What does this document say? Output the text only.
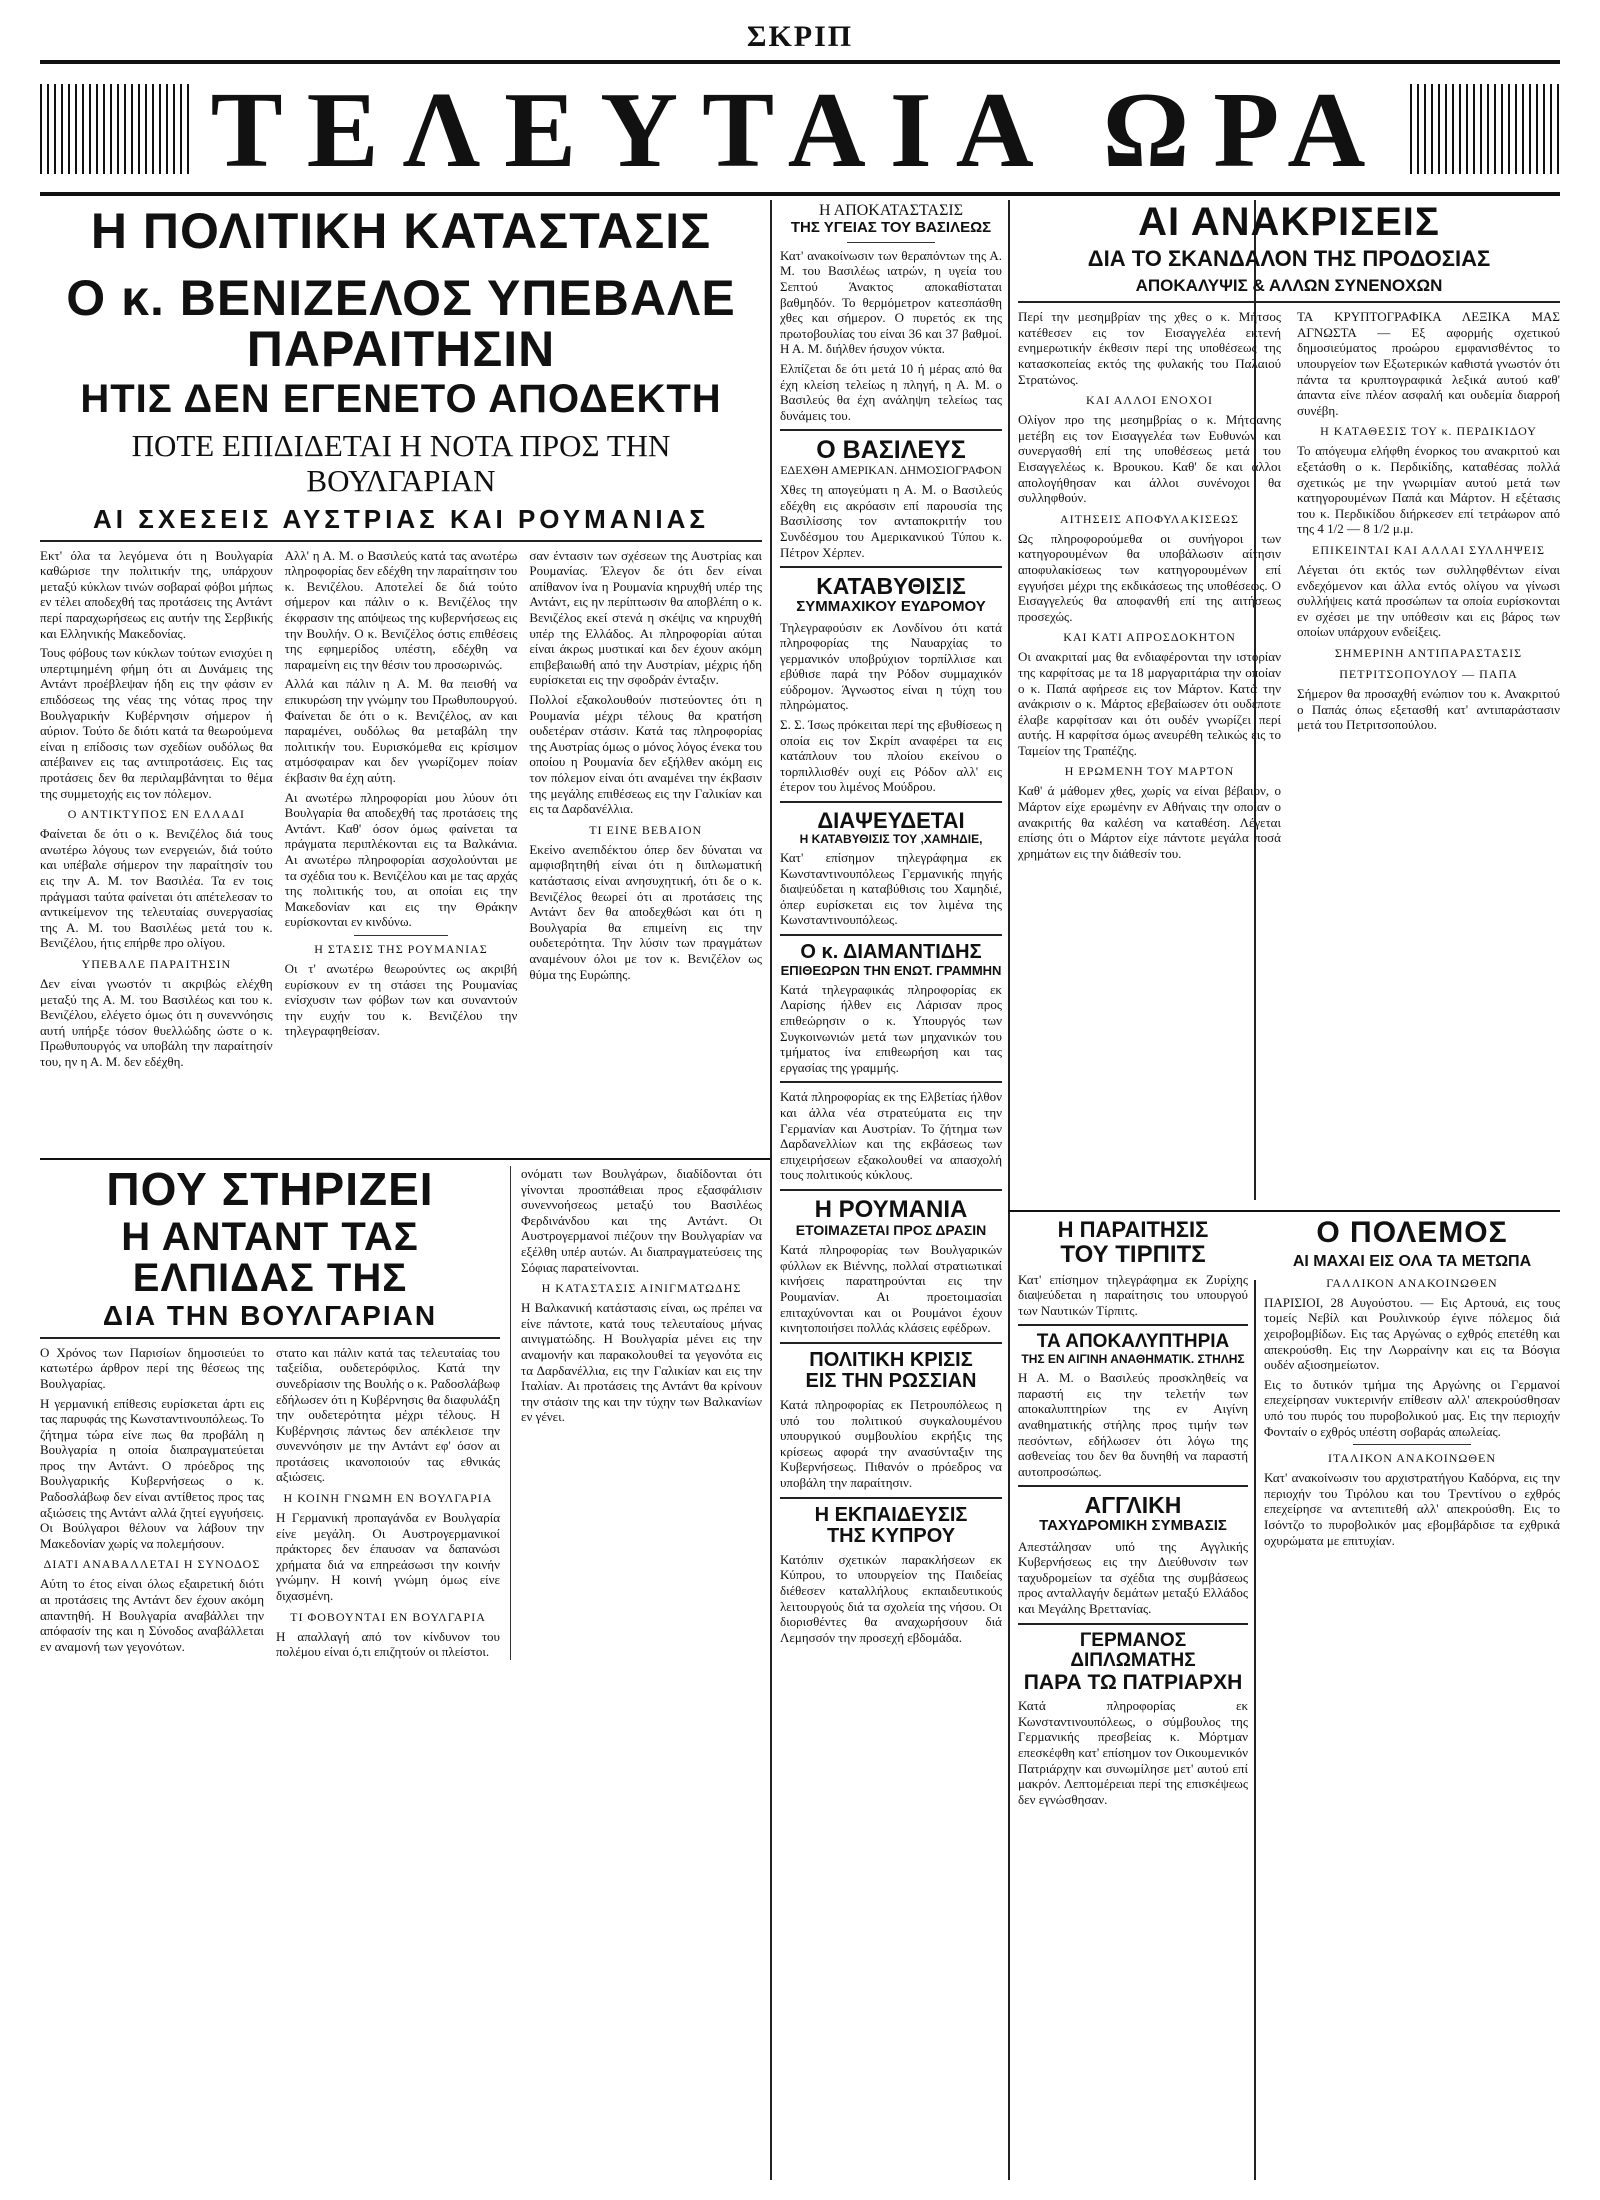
ΣΚΡΙΠ
ΤΕΛΕΥΤΑΙΑ ΩΡΑ
Η ΠΟΛΙΤΙΚΗ ΚΑΤΑΣΤΑΣΙΣ
Ο κ. ΒΕΝΙΖΕΛΟΣ ΥΠΕΒΑΛΕ ΠΑΡΑΙΤΗΣΙΝ
ΗΤΙΣ ΔΕΝ ΕΓΕΝΕΤΟ ΑΠΟΔΕΚΤΗ
ΠΟΤΕ ΕΠΙΔΙΔΕΤΑΙ Η ΝΟΤΑ ΠΡΟΣ ΤΗΝ ΒΟΥΛΓΑΡΙΑΝ
ΑΙ ΣΧΕΣΕΙΣ ΑΥΣΤΡΙΑΣ ΚΑΙ ΡΟΥΜΑΝΙΑΣ

Εκτ' όλα τα λεγόμενα ότι η Βουλγαρία καθώρισε την πολιτικήν της, υπάρχουν μεταξύ κύκλων τινών σοβαραί φόβοι μήπως εν τέλει αποδεχθή τας προτάσεις της Αντάντ περί παραχωρήσεως εις αυτήν της Σερβικής και Ελληνικής Μακεδονίας.

Τους φόβους των κύκλων τούτων ενισχύει η υπερτιμημένη φήμη ότι αι Δυνάμεις της Αντάντ προέβλεψαν ήδη εις την φάσιν εν επιδόσεως της νέας της νότας προς την Βουλγαρικήν Κυβέρνησιν σήμερον ή αύριον. Τούτο δε διότι κατά τα θεωρούμενα είναι η επίδοσις των σχεδίων ουδόλως θα απέβαινεν εις τας αντιπροτάσεις. Εις τας προτάσεις δεν θα περιλαμβάνηται το θέμα της συμμετοχής εις τον πόλεμον.

Ο ΑΝΤΙΚΤΥΠΟΣ ΕΝ ΕΛΛΑΔΙ

Φαίνεται δε ότι ο κ. Βενιζέλος διά τους ανωτέρω λόγους των ενεργειών, διά τούτο και υπέβαλε σήμερον την παραίτησίν του εις την Α. Μ. τον Βασιλέα. Τα εν τοις πράγμασι ταύτα φαίνεται ότι απέτελεσαν το αντικείμενον της τελευταίας συνεργασίας της Α. Μ. του Βασιλέως μετά του κ. Βενιζέλου, ήτις επήρθε προ ολίγου.

ΥΠΕΒΑΛΕ ΠΑΡΑΙΤΗΣΙΝ

Δεν είναι γνωστόν τι ακριβώς ελέχθη μεταξύ της Α. Μ. του Βασιλέως και του κ. Βενιζέλου, ελέγετο όμως ότι η συνεννόησις αυτή υπήρξε τόσον θυελλώδης ώστε ο κ. Πρωθυπουργός να υποβάλη την παραίτησίν του, ην η Α. Μ. δεν εδέχθη.

Αλλ' η Α. Μ. ο Βασιλεύς κατά τας ανωτέρω πληροφορίας δεν εδέχθη την παραίτησιν του κ. Βενιζέλου. Αποτελεί δε διά τούτο σήμερον και πάλιν ο κ. Βενιζέλος την έκφρασιν της απόψεως της κυβερνήσεως εις την Βουλήν. Ο κ. Βενιζέλος όστις επιθέσεις της εφημερίδος υπέστη, εδέχθη να παραμείνη εις την θέσιν του προσωρινώς.

Αλλά και πάλιν η Α. Μ. θα πεισθή να επικυρώση την γνώμην του Πρωθυπουργού. Φαίνεται δε ότι ο κ. Βενιζέλος, αν και παραμένει, ουδόλως θα μεταβάλη την πολιτικήν του. Ευρισκόμεθα εις κρίσιμον ατμόσφαιραν και δεν γνωρίζομεν ποίαν έκβασιν θα έχη αύτη.

Αι ανωτέρω πληροφορίαι μου λύουν ότι Βουλγαρία θα αποδεχθή τας προτάσεις της Αντάντ. Καθ' όσον όμως φαίνεται τα πράγματα περιπλέκονται εις τα Βαλκάνια. Αι ανωτέρω πληροφορίαι ασχολούνται με τα σχέδια του κ. Βενιζέλου και με τας αρχάς της πολιτικής του, αι οποίαι εις την Μακεδονίαν και εις την Θράκην ευρίσκονται εν κινδύνω.

Η ΣΤΑΣΙΣ ΤΗΣ ΡΟΥΜΑΝΙΑΣ

Οι τ' ανωτέρω θεωρούντες ως ακριβή ευρίσκουν εν τη στάσει της Ρουμανίας ενίσχυσιν των φόβων των και συναντούν την ευχήν του κ. Βενιζέλου την τηλεγραφηθείσαν.

σαν έντασιν των σχέσεων της Αυστρίας και Ρουμανίας. Έλεγον δε ότι δεν είναι απίθανον ίνα η Ρουμανία κηρυχθή υπέρ της Αντάντ, εις ην περίπτωσιν θα αποβλέπη ο κ. Βενιζέλος εκεί στενά η σκέψις να κηρυχθή υπέρ της Ελλάδος. Αι πληροφορίαι αύται είναι άκρως μυστικαί και δεν έχουν ακόμη επιβεβαιωθή από την Αυστρίαν, μέχρις ήδη ευρίσκεται εις την σφοδράν ένταξιν.

Πολλοί εξακολουθούν πιστεύοντες ότι η Ρουμανία μέχρι τέλους θα κρατήση ουδετέραν στάσιν. Κατά τας πληροφορίας της Αυστρίας όμως ο μόνος λόγος ένεκα του οποίου η Ρουμανία δεν εξήλθεν ακόμη εις τον πόλεμον είναι ότι αναμένει την έκβασιν της μεγάλης επιθέσεως εις την Γαλικίαν και εις τα Δαρδανέλλια.

ΤΙ ΕΙΝΕ ΒΕΒΑΙΟΝ

Εκείνο ανεπιδέκτου όπερ δεν δύναται να αμφισβητηθή είναι ότι η διπλωματική κατάστασις είναι ανησυχητική, ότι δε ο κ. Βενιζέλος θεωρεί ότι αι προτάσεις της Αντάντ δεν θα αποδεχθώσι και ότι η Βουλγαρία θα επιμείνη εις την ουδετερότητα. Την λύσιν των πραγμάτων αναμένουν όλοι με τον κ. Βενιζέλον ως θύμα της Ευρώπης.

ΠΟΥ ΣΤΗΡΙΖΕΙ
Η ΑΝΤΑΝΤ ΤΑΣ ΕΛΠΙΔΑΣ ΤΗΣ
ΔΙΑ ΤΗΝ ΒΟΥΛΓΑΡΙΑΝ

Ο Χρόνος των Παρισίων δημοσιεύει το κατωτέρω άρθρον περί της θέσεως της Βουλγαρίας.

Η γερμανική επίθεσις ευρίσκεται άρτι εις τας παρυφάς της Κωνσταντινουπόλεως. Το ζήτημα τώρα είνε πως θα προβάλη η Βουλγαρία η οποία διαπραγματεύεται προς την Αντάντ. Ο πρόεδρος της Βουλγαρικής Κυβερνήσεως ο κ. Ραδοσλάβωφ δεν είναι αντίθετος προς τας αξιώσεις της Αντάντ αλλά ζητεί εγγυήσεις. Οι Βούλγαροι θέλουν να λάβουν την Μακεδονίαν χωρίς να πολεμήσουν.

ΔΙΑΤΙ ΑΝΑΒΑΛΛΕΤΑΙ Η ΣΥΝΟΔΟΣ

Αύτη το έτος είναι όλως εξαιρετική διότι αι προτάσεις της Αντάντ δεν έχουν ακόμη απαντηθή. Η Βουλγαρία αναβάλλει την απόφασίν της και η Σύνοδος αναβάλλεται εν αναμονή των γεγονότων.

στατο και πάλιν κατά τας τελευταίας του ταξείδια, ουδετερόφιλος. Κατά την συνεδρίασιν της Βουλής ο κ. Ραδοσλάβωφ εδήλωσεν ότι η Κυβέρνησις θα διαφυλάξη την ουδετερότητα μέχρι τέλους. Η Κυβέρνησις πάντως δεν απέκλεισε την συνεννόησιν με την Αντάντ εφ' όσον αι προτάσεις ικανοποιούν τας εθνικάς αξιώσεις.

Η ΚΟΙΝΗ ΓΝΩΜΗ ΕΝ ΒΟΥΛΓΑΡΙΑ

Η Γερμανική προπαγάνδα εν Βουλγαρία είνε μεγάλη. Οι Αυστρογερμανικοί πράκτορες δεν έπαυσαν να δαπανώσι χρήματα διά να επηρεάσωσι την κοινήν γνώμην. Η κοινή γνώμη όμως είνε διχασμένη.

ΤΙ ΦΟΒΟΥΝΤΑΙ ΕΝ ΒΟΥΛΓΑΡΙΑ

Η απαλλαγή από τον κίνδυνον του πολέμου είναι ό,τι επιζητούν οι πλείστοι.

ονόματι των Βουλγάρων, διαδίδονται ότι γίνονται προσπάθειαι προς εξασφάλισιν συνεννοήσεως μεταξύ του Βασιλέως Φερδινάνδου και της Αντάντ. Οι Αυστρογερμανοί πιέζουν την Βουλγαρίαν να εξέλθη υπέρ αυτών. Αι διαπραγματεύσεις της Σόφιας παρατείνονται.

Η ΚΑΤΑΣΤΑΣΙΣ ΑΙΝΙΓΜΑΤΩΔΗΣ

Η Βαλκανική κατάστασις είναι, ως πρέπει να είνε πάντοτε, κατά τους τελευταίους μήνας αινιγματώδης. Η Βουλγαρία μένει εις την αναμονήν και παρακολουθεί τα γεγονότα εις τα Δαρδανέλλια, εις την Γαλικίαν και εις την Ιταλίαν. Αι προτάσεις της Αντάντ θα κρίνουν την στάσιν της και την τύχην των Βαλκανίων εν γένει.

Η ΑΠΟΚΑΤΑΣΤΑΣΙΣ
ΤΗΣ ΥΓΕΙΑΣ ΤΟΥ ΒΑΣΙΛΕΩΣ

Κατ' ανακοίνωσιν των θεραπόντων της Α. Μ. του Βασιλέως ιατρών, η υγεία του Σεπτού Άνακτος αποκαθίσταται βαθμηδόν. Το θερμόμετρον κατεσπάσθη χθες και σήμερον. Ο πυρετός εκ της πρωτοβουλίας του είναι 36 και 37 βαθμοί. Η Α. Μ. διήλθεν ήσυχον νύκτα.

Ελπίζεται δε ότι μετά 10 ή μέρας από θα έχη κλείση τελείως η πληγή, η Α. Μ. ο Βασιλεύς θα έχη ανάληψη τελείως τας δυνάμεις του.

Ο ΒΑΣΙΛΕΥΣ
ΕΔΕΧΘΗ ΑΜΕΡΙΚΑΝ. ΔΗΜΟΣΙΟΓΡΑΦΟΝ

Χθες τη απογεύματι η Α. Μ. ο Βασιλεύς εδέχθη εις ακρόασιν επί παρουσία της Βασιλίσσης τον ανταποκριτήν του Συνδέσμου του Αμερικανικού Τύπου κ. Πέτρον Χέρπεν.

ΚΑΤΑΒΥΘΙΣΙΣ
ΣΥΜΜΑΧΙΚΟΥ ΕΥΔΡΟΜΟΥ

Τηλεγραφούσιν εκ Λονδίνου ότι κατά πληροφορίας της Ναυαρχίας το γερμανικόν υποβρύχιον τορπίλλισε και εβύθισε παρά την Ρόδον συμμαχικόν εύδρομον. Άγνωστος είναι η τύχη του πληρώματος.

Σ. Σ. Ίσως πρόκειται περί της εβυθίσεως η οποία εις τον Σκρίπ αναφέρει τα εις κατάπλουν του πλοίου εκείνου ο τορπιλλισθέν ουχί εις Ρόδον αλλ' εις έτερον του λιμένος Μούδρου.

ΔΙΑΨΕΥΔΕΤΑΙ
Η ΚΑΤΑΒΥΘΙΣΙΣ ΤΟΥ ,ΧΑΜΗΔΙΕ,

Κατ' επίσημον τηλεγράφημα εκ Κωνσταντινουπόλεως Γερμανικής πηγής διαψεύδεται η καταβύθισις του Χαμηδιέ, όπερ ευρίσκεται εις τον λιμένα της Κωνσταντινουπόλεως.

Ο κ. ΔΙΑΜΑΝΤΙΔΗΣ
ΕΠΙΘΕΩΡΩΝ ΤΗΝ ΕΝΩΤ. ΓΡΑΜΜΗΝ

Κατά τηλεγραφικάς πληροφορίας εκ Λαρίσης ήλθεν εις Λάρισαν προς επιθεώρησιν ο κ. Υπουργός των Συγκοινωνιών μετά των μηχανικών του τμήματος ίνα επιθεωρήση και τας εργασίας της γραμμής.

Κατά πληροφορίας εκ της Ελβετίας ήλθον και άλλα νέα στρατεύματα εις την Γερμανίαν και Αυστρίαν. Το ζήτημα των Δαρδανελλίων και της εκβάσεως των επιχειρήσεων εξακολουθεί να απασχολή τους πολιτικούς κύκλους.

Η ΡΟΥΜΑΝΙΑ
ΕΤΟΙΜΑΖΕΤΑΙ ΠΡΟΣ ΔΡΑΣΙΝ

Κατά πληροφορίας των Βουλγαρικών φύλλων εκ Βιέννης, πολλαί στρατιωτικαί κινήσεις παρατηρούνται εις την Ρουμανίαν. Αι προετοιμασίαι επιταχύνονται και οι Ρουμάνοι έχουν κινητοποιήσει πολλάς κλάσεις εφέδρων.

ΠΟΛΙΤΙΚΗ ΚΡΙΣΙΣ
ΕΙΣ ΤΗΝ ΡΩΣΣΙΑΝ

Κατά πληροφορίας εκ Πετρουπόλεως η υπό του πολιτικού συγκαλουμένου υπουργικού συμβουλίου εκρήξις της κρίσεως αφορά την ανασύνταξιν της Κυβερνήσεως. Πιθανόν ο πρόεδρος να υποβάλη την παραίτησιν.

Η ΕΚΠΑΙΔΕΥΣΙΣ
ΤΗΣ ΚΥΠΡΟΥ

Κατόπιν σχετικών παρακλήσεων εκ Κύπρου, το υπουργείον της Παιδείας διέθεσεν καταλλήλους εκπαιδευτικούς λειτουργούς διά τα σχολεία της νήσου. Οι διορισθέντες θα αναχωρήσουν διά Λεμησσόν την προσεχή εβδομάδα.

ΑΙ ΑΝΑΚΡΙΣΕΙΣ
ΔΙΑ ΤΟ ΣΚΑΝΔΑΛΟΝ ΤΗΣ ΠΡΟΔΟΣΙΑΣ
ΑΠΟΚΑΛΥΨΙΣ & ΑΛΛΩΝ ΣΥΝΕΝΟΧΩΝ

Περί την μεσημβρίαν της χθες ο κ. Μήτσος κατέθεσεν εις τον Εισαγγελέα εκτενή ενημερωτικήν έκθεσιν περί της υποθέσεως της κατασκοπείας εκτός της φυλακής του Παλαιού Στρατώνος.

ΚΑΙ ΑΛΛΟΙ ΕΝΟΧΟΙ

Ολίγον προ της μεσημβρίας ο κ. Μήτσανης μετέβη εις τον Εισαγγελέα των Ευθυνών και συνεργασθή επί της υποθέσεως μετά του Εισαγγελέως κ. Βρουκου. Καθ' δε και άλλοι απολογήθησαν και άλλοι συνένοχοι θα συλληφθούν.

ΑΙΤΗΣΕΙΣ ΑΠΟΦΥΛΑΚΙΣΕΩΣ

Ως πληροφορούμεθα οι συνήγοροι των κατηγορουμένων θα υποβάλωσιν αίτησιν αποφυλακίσεως των κατηγορουμένων επί εγγυήσει μέχρι της εκδικάσεως της υποθέσεως. Ο Εισαγγελεύς θα αποφανθή επί της αιτήσεως προσεχώς.

ΚΑΙ ΚΑΤΙ ΑΠΡΟΣΔΟΚΗΤΟΝ

Οι ανακριταί μας θα ενδιαφέρονται την ιστορίαν της καρφίτσας με τα 18 μαργαριτάρια την οποίαν ο κ. Παπά αφήρεσε εις τον Μάρτον. Κατά την ανάκρισιν ο κ. Μάρτος εβεβαίωσεν ότι ουδέποτε έλαβε καρφίτσαν και ότι ουδέν γνωρίζει περί αυτής. Η καρφίτσα όμως ανευρέθη τελικώς εις το Ταμείον της Τραπέζης.

Η ΕΡΩΜΕΝΗ ΤΟΥ ΜΑΡΤΟΝ

Καθ' ά μάθομεν χθες, χωρίς να είναι βέβαιον, ο Μάρτον είχε ερωμένην εν Αθήναις την οποίαν ο ανακριτής θα καλέση να καταθέση. Λέγεται επίσης ότι ο Μάρτον είχε πάντοτε μεγάλα ποσά χρημάτων εις την διάθεσίν του.

ΤΑ ΚΡΥΠΤΟΓΡΑΦΙΚΑ ΛΕΞΙΚΑ ΜΑΣ ΑΓΝΩΣΤΑ — Εξ αφορμής σχετικού δημοσιεύματος προώρου εμφανισθέντος το υπουργείον των Εξωτερικών καθιστά γνωστόν ότι πάντα τα κρυπτογραφικά λεξικά αυτού καθ' άπαντα είνε πλέον ασφαλή και ουδεμία διαρροή συνέβη.

Η ΚΑΤΑΘΕΣΙΣ ΤΟΥ κ. ΠΕΡΔΙΚΙΔΟΥ

Το απόγευμα ελήφθη ένορκος του ανακριτού και εξετάσθη ο κ. Περδικίδης, καταθέσας πολλά σχετικώς με την γνωριμίαν αυτού μετά των κατηγορουμένων Παπά και Μάρτον. Η εξέτασις του κ. Περδικίδου διήρκεσεν επί τετράωρον από της 4 1/2 — 8 1/2 μ.μ.

ΕΠΙΚΕΙΝΤΑΙ ΚΑΙ ΑΛΛΑΙ ΣΥΛΛΗΨΕΙΣ

Λέγεται ότι εκτός των συλληφθέντων είναι ενδεχόμενον και άλλα εντός ολίγου να γίνωσι συλλήψεις κατά προσώπων τα οποία ευρίσκονται εν σχέσει με την υπόθεσιν και εις βάρος των οποίων υπάρχουν ενδείξεις.

ΣΗΜΕΡΙΝΗ ΑΝΤΙΠΑΡΑΣΤΑΣΙΣ
ΠΕΤΡΙΤΣΟΠΟΥΛΟΥ — ΠΑΠΑ

Σήμερον θα προσαχθή ενώπιον του κ. Ανακριτού ο Παπάς όπως εξετασθή κατ' αντιπαράστασιν μετά του Πετριτσοπούλου.

Η ΠΑΡΑΙΤΗΣΙΣ
ΤΟΥ ΤΙΡΠΙΤΣ

Κατ' επίσημον τηλεγράφημα εκ Ζυρίχης διαψεύδεται η παραίτησις του υπουργού των Ναυτικών Τίρπιτς.

ΤΑ ΑΠΟΚΑΛΥΠΤΗΡΙΑ
ΤΗΣ ΕΝ ΑΙΓΙΝΗ ΑΝΑΘΗΜΑΤΙΚ. ΣΤΗΛΗΣ

Η Α. Μ. ο Βασιλεύς προσκληθείς να παραστή εις την τελετήν των αποκαλυπτηρίων της εν Αιγίνη αναθηματικής στήλης προς τιμήν των πεσόντων, εδήλωσεν ότι λόγω της ασθενείας του δεν θα δυνηθή να παραστή αυτοπροσώπως.

ΑΓΓΛΙΚΗ
ΤΑΧΥΔΡΟΜΙΚΗ ΣΥΜΒΑΣΙΣ

Απεστάλησαν υπό της Αγγλικής Κυβερνήσεως εις την Διεύθυνσιν των ταχυδρομείων τα σχέδια της συμβάσεως προς ανταλλαγήν δεμάτων μεταξύ Ελλάδος και Μεγάλης Βρεττανίας.

ΓΕΡΜΑΝΟΣ ΔΙΠΛΩΜΑΤΗΣ
ΠΑΡΑ ΤΩ ΠΑΤΡΙΑΡΧΗ

Κατά πληροφορίας εκ Κωνσταντινουπόλεως, ο σύμβουλος της Γερμανικής πρεσβείας κ. Μόρτμαν επεσκέφθη κατ' επίσημον τον Οικουμενικόν Πατριάρχην και συνωμίλησε μετ' αυτού επί μακρόν. Λεπτομέρειαι περί της επισκέψεως δεν εγνώσθησαν.

Ο ΠΟΛΕΜΟΣ
ΑΙ ΜΑΧΑΙ ΕΙΣ ΟΛΑ ΤΑ ΜΕΤΩΠΑ
ΓΑΛΛΙΚΟΝ ΑΝΑΚΟΙΝΩΘΕΝ

ΠΑΡΙΣΙΟΙ, 28 Αυγούστου. — Εις Αρτουά, εις τους τομείς Νεβίλ και Ρουλινκούρ έγινε πόλεμος διά χειροβομβίδων. Εις τας Αργώνας ο εχθρός επετέθη και απεκρούσθη. Εις την Λωρραίνην και εις τα Βόσγια ουδέν αξιοσημείωτον.

Εις το δυτικόν τμήμα της Αργώνης οι Γερμανοί επεχείρησαν νυκτερινήν επίθεσιν αλλ' απεκρούσθησαν υπό του πυρός του πυροβολικού μας. Εις την περιοχήν Φονταίν ο εχθρός υπέστη σοβαράς απωλείας.

ΙΤΑΛΙΚΟΝ ΑΝΑΚΟΙΝΩΘΕΝ

Κατ' ανακοίνωσιν του αρχιστρατήγου Καδόρνα, εις την περιοχήν του Τιρόλου και του Τρεντίνου ο εχθρός επεχείρησε να αντεπιτεθή αλλ' απεκρούσθη. Εις το Ισόντζο το πυροβολικόν μας εβομβάρδισε τα εχθρικά οχυρώματα με επιτυχίαν.
